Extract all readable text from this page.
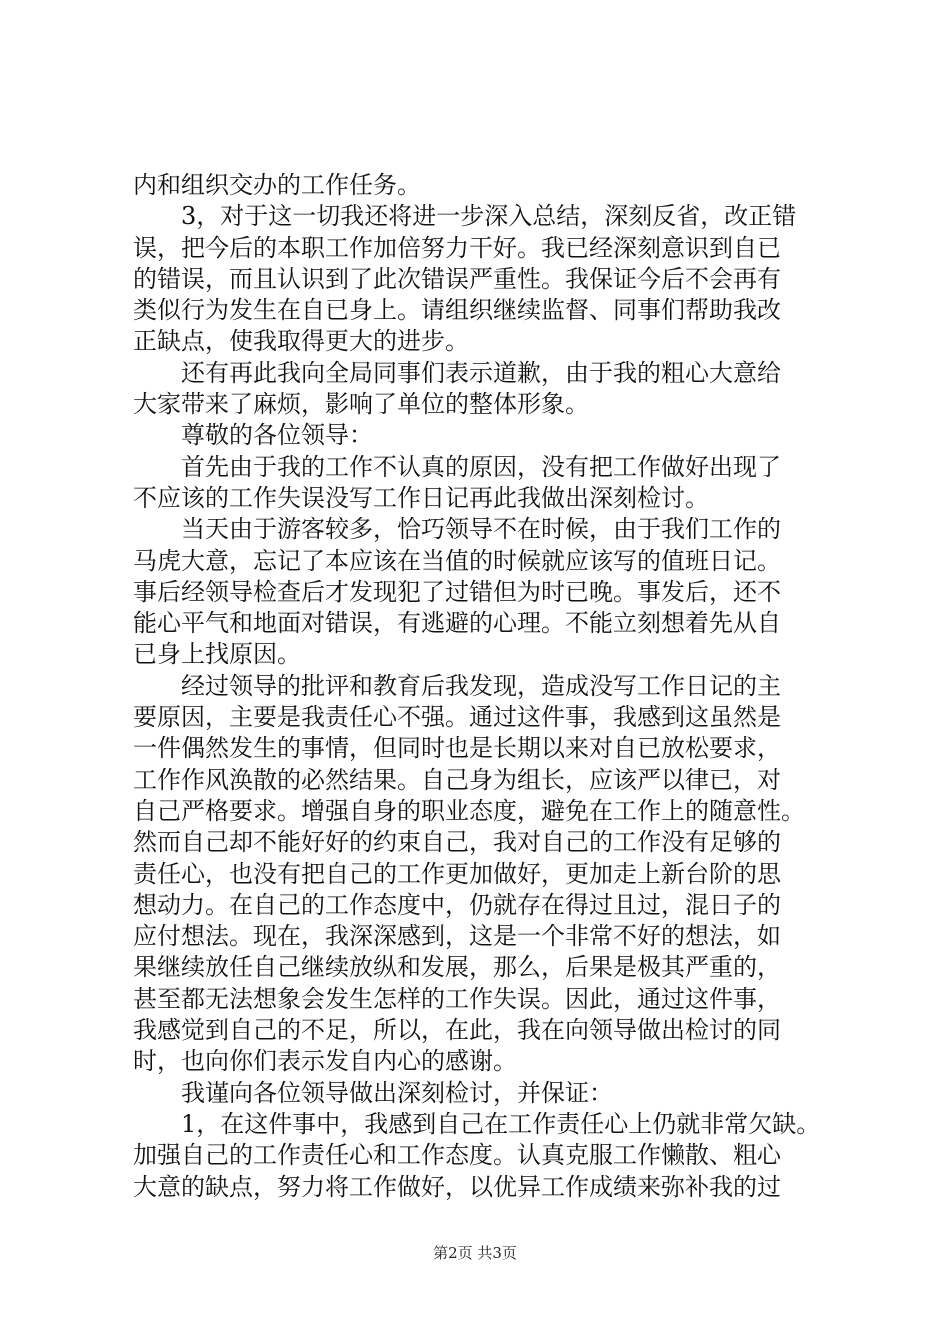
内和组织交办的工作任务。
3，对于这一切我还将进一步深入总结，深刻反省，改正错
误，把今后的本职工作加倍努力干好。我已经深刻意识到自已
的错误，而且认识到了此次错误严重性。我保证今后不会再有
类似行为发生在自已身上。请组织继续监督、同事们帮助我改
正缺点，使我取得更大的进步。
还有再此我向全局同事们表示道歉，由于我的粗心大意给
大家带来了麻烦，影响了单位的整体形象。
尊敬的各位领导：
首先由于我的工作不认真的原因，没有把工作做好出现了
不应该的工作失误没写工作日记再此我做出深刻检讨。
当天由于游客较多，恰巧领导不在时候，由于我们工作的
马虎大意，忘记了本应该在当值的时候就应该写的值班日记。
事后经领导检查后才发现犯了过错但为时已晚。事发后，还不
能心平气和地面对错误，有逃避的心理。不能立刻想着先从自
已身上找原因。
经过领导的批评和教育后我发现，造成没写工作日记的主
要原因，主要是我责任心不强。通过这件事，我感到这虽然是
一件偶然发生的事情，但同时也是长期以来对自已放松要求，
工作作风涣散的必然结果。自己身为组长，应该严以律已，对
自己严格要求。增强自身的职业态度，避免在工作上的随意性。
然而自己却不能好好的约束自己，我对自己的工作没有足够的
责任心，也没有把自己的工作更加做好，更加走上新台阶的思
想动力。在自己的工作态度中，仍就存在得过且过，混日子的
应付想法。现在，我深深感到，这是一个非常不好的想法，如
果继续放任自己继续放纵和发展，那么，后果是极其严重的，
甚至都无法想象会发生怎样的工作失误。因此，通过这件事，
我感觉到自己的不足，所以，在此，我在向领导做出检讨的同
时，也向你们表示发自内心的感谢。
我谨向各位领导做出深刻检讨，并保证：
1，在这件事中，我感到自己在工作责任心上仍就非常欠缺。
加强自己的工作责任心和工作态度。认真克服工作懒散、粗心
大意的缺点，努力将工作做好，以优异工作成绩来弥补我的过
第2页 共3页
